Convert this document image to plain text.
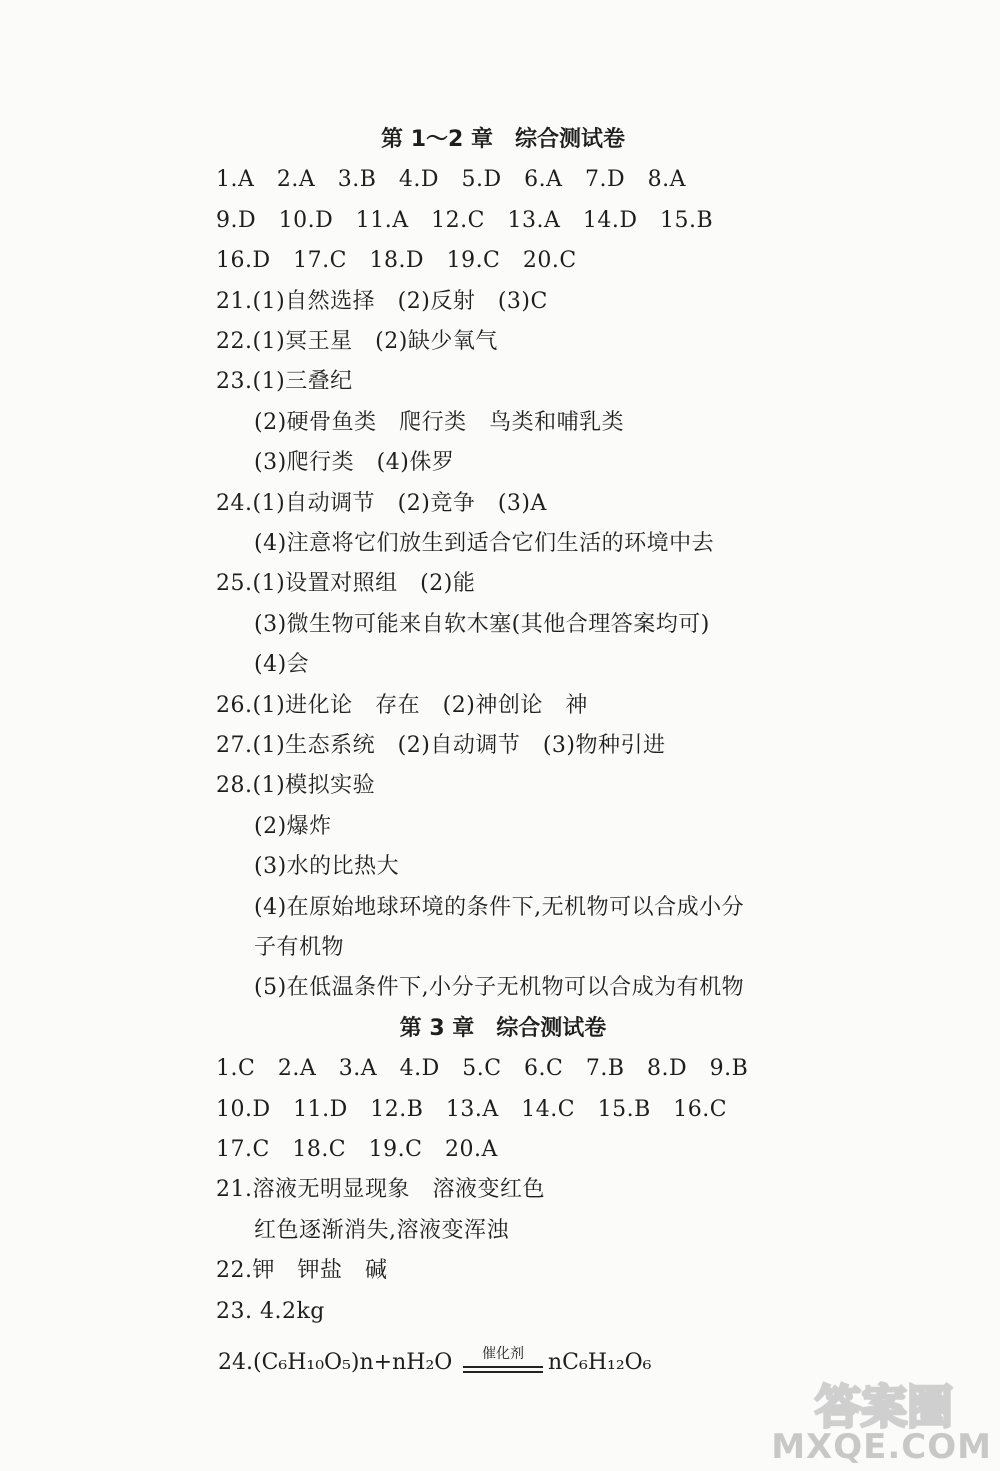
第 1～2 章　综合测试卷
1.A　2.A　3.B　4.D　5.D　6.A　7.D　8.A
9.D　10.D　11.A　12.C　13.A　14.D　15.B
16.D　17.C　18.D　19.C　20.C
21.(1)自然选择　(2)反射　(3)C
22.(1)冥王星　(2)缺少氧气
23.(1)三叠纪
(2)硬骨鱼类　爬行类　鸟类和哺乳类
(3)爬行类　(4)侏罗
24.(1)自动调节　(2)竞争　(3)A
(4)注意将它们放生到适合它们生活的环境中去
25.(1)设置对照组　(2)能
(3)微生物可能来自软木塞(其他合理答案均可)
(4)会
26.(1)进化论　存在　(2)神创论　神
27.(1)生态系统　(2)自动调节　(3)物种引进
28.(1)模拟实验
(2)爆炸
(3)水的比热大
(4)在原始地球环境的条件下,无机物可以合成小分
子有机物
(5)在低温条件下,小分子无机物可以合成为有机物
第 3 章　综合测试卷
1.C　2.A　3.A　4.D　5.C　6.C　7.B　8.D　9.B
10.D　11.D　12.B　13.A　14.C　15.B　16.C
17.C　18.C　19.C　20.A
21.溶液无明显现象　溶液变红色
红色逐渐消失,溶液变浑浊
22.钾　钾盐　碱
23. 4.2kg
24.(C₆H₁₀O₅)n+nH₂O	催化剂	nC₆H₁₂O₆
答案圈
MXQE.COM
